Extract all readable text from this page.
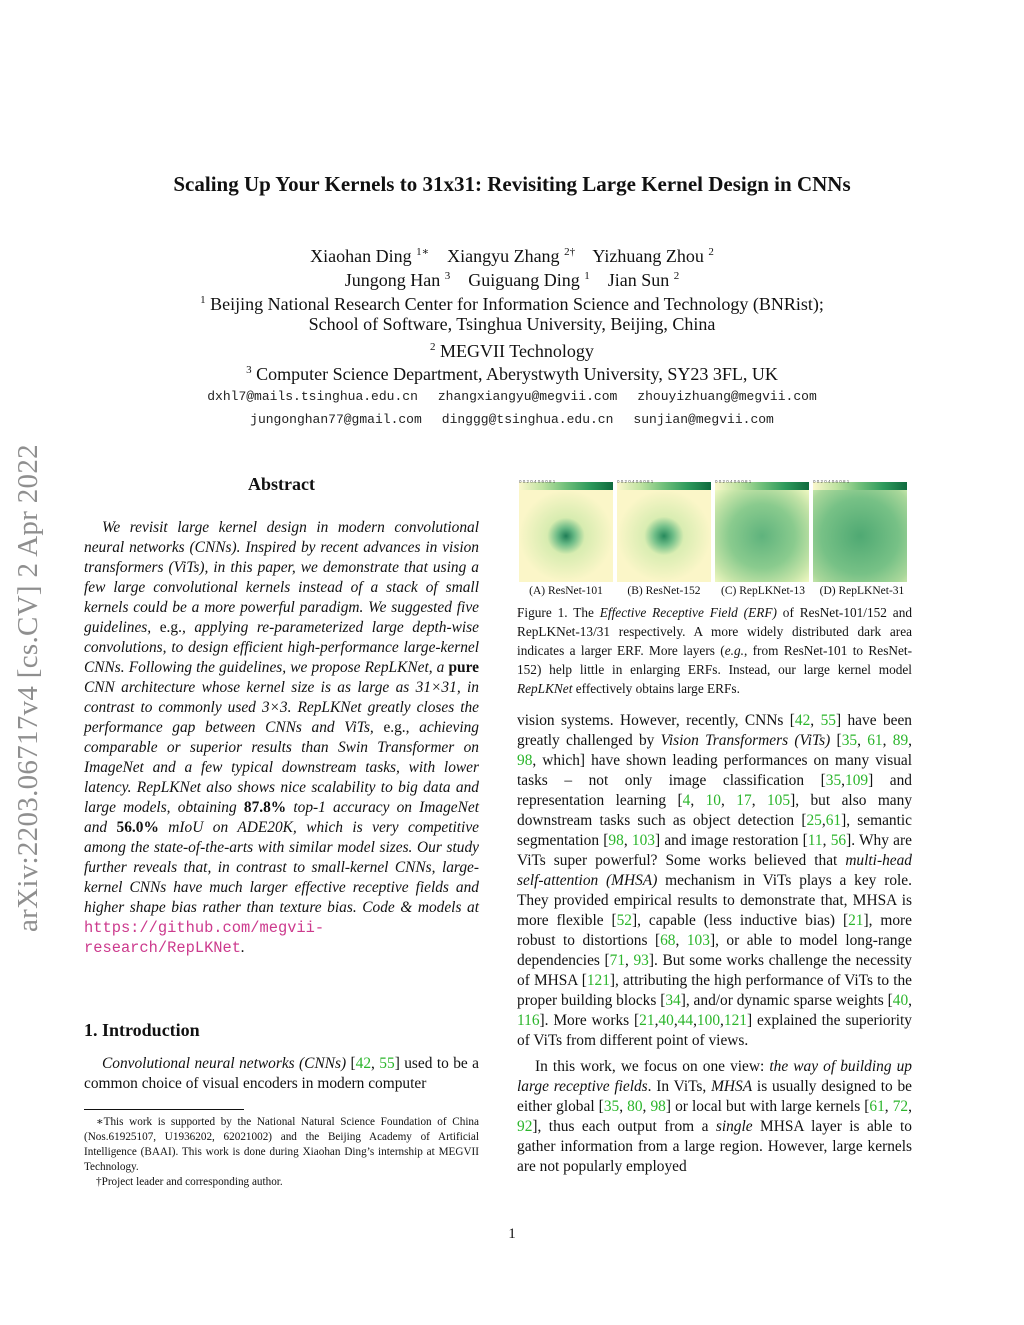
arXiv:2203.06717v4 [cs.CV] 2 Apr 2022
Scaling Up Your Kernels to 31x31: Revisiting Large Kernel Design in CNNs
Xiaohan Ding $^{1∗}$ Xiangyu Zhang $^{2\dagger}$ Yizhuang Zhou $^2$
Jungong Han $^3$ Guiguang Ding $^1$ Jian Sun $^2$
$^1$ Beijing National Research Center for Information Science and Technology (BNRist);
School of Software, Tsinghua University, Beijing, China
$^2$ MEGVII Technology
$^3$ Computer Science Department, Aberystwyth University, SY23 3FL, UK
dxhl7@mails.tsinghua.edu.cn zhangxiangyu@megvii.com zhouyizhuang@megvii.com
jungonghan77@gmail.com dinggg@tsinghua.edu.cn sunjian@megvii.com
Abstract
We revisit large kernel design in modern convolutional neural networks (CNNs). Inspired by recent advances in vision transformers (ViTs), in this paper, we demonstrate that using a few large convolutional kernels instead of a stack of small kernels could be a more powerful paradigm. We suggested five guidelines, e.g., applying re-parameterized large depth-wise convolutions, to design efficient high-performance large-kernel CNNs. Following the guidelines, we propose RepLKNet, a pure CNN architecture whose kernel size is as large as 31×31, in contrast to commonly used 3×3. RepLKNet greatly closes the performance gap between CNNs and ViTs, e.g., achieving comparable or superior results than Swin Transformer on ImageNet and a few typical downstream tasks, with lower latency. RepLKNet also shows nice scalability to big data and large models, obtaining 87.8% top-1 accuracy on ImageNet and 56.0% mIoU on ADE20K, which is very competitive among the state-of-the-arts with similar model sizes. Our study further reveals that, in contrast to small-kernel CNNs, large-kernel CNNs have much larger effective receptive fields and higher shape bias rather than texture bias. Code & models at https://github.com/megvii-research/RepLKNet.
1. Introduction
Convolutional neural networks (CNNs) [42, 55] used to be a common choice of visual encoders in modern computer

∗This work is supported by the National Natural Science Foundation of China (Nos.61925107, U1936202, 62021002) and the Beijing Academy of Artificial Intelligence (BAAI). This work is done during Xiaohan Ding’s internship at MEGVII Technology.

†Project leader and corresponding author.

0 0.2 0.4 0.6 0.8 1	0 0.2 0.4 0.6 0.8 1	0 0.2 0.4 0.6 0.8 1	0 0.2 0.4 0.6 0.8 1
(A) ResNet-101	(B) ResNet-152	(C) RepLKNet-13	(D) RepLKNet-31
Figure 1. The Effective Receptive Field (ERF) of ResNet-101/152 and RepLKNet-13/31 respectively. A more widely distributed dark area indicates a larger ERF. More layers (e.g., from ResNet-101 to ResNet-152) help little in enlarging ERFs. Instead, our large kernel model RepLKNet effectively obtains large ERFs.

vision systems. However, recently, CNNs [42, 55] have been greatly challenged by Vision Transformers (ViTs) [35, 61, 89, 98, which] have shown leading performances on many visual tasks – not only image classification [35,109] and representation learning [4, 10, 17, 105], but also many downstream tasks such as object detection [25,61], semantic segmentation [98, 103] and image restoration [11, 56]. Why are ViTs super powerful? Some works believed that multi-head self-attention (MHSA) mechanism in ViTs plays a key role. They provided empirical results to demonstrate that, MHSA is more flexible [52], capable (less inductive bias) [21], more robust to distortions [68, 103], or able to model long-range dependencies [71, 93]. But some works challenge the necessity of MHSA [121], attributing the high performance of ViTs to the proper building blocks [34], and/or dynamic sparse weights [40, 116]. More works [21,40,44,100,121] explained the superiority of ViTs from different point of views.

In this work, we focus on one view: the way of building up large receptive fields. In ViTs, MHSA is usually designed to be either global [35, 80, 98] or local but with large kernels [61, 72, 92], thus each output from a single MHSA layer is able to gather information from a large region. However, large kernels are not popularly employed

1
